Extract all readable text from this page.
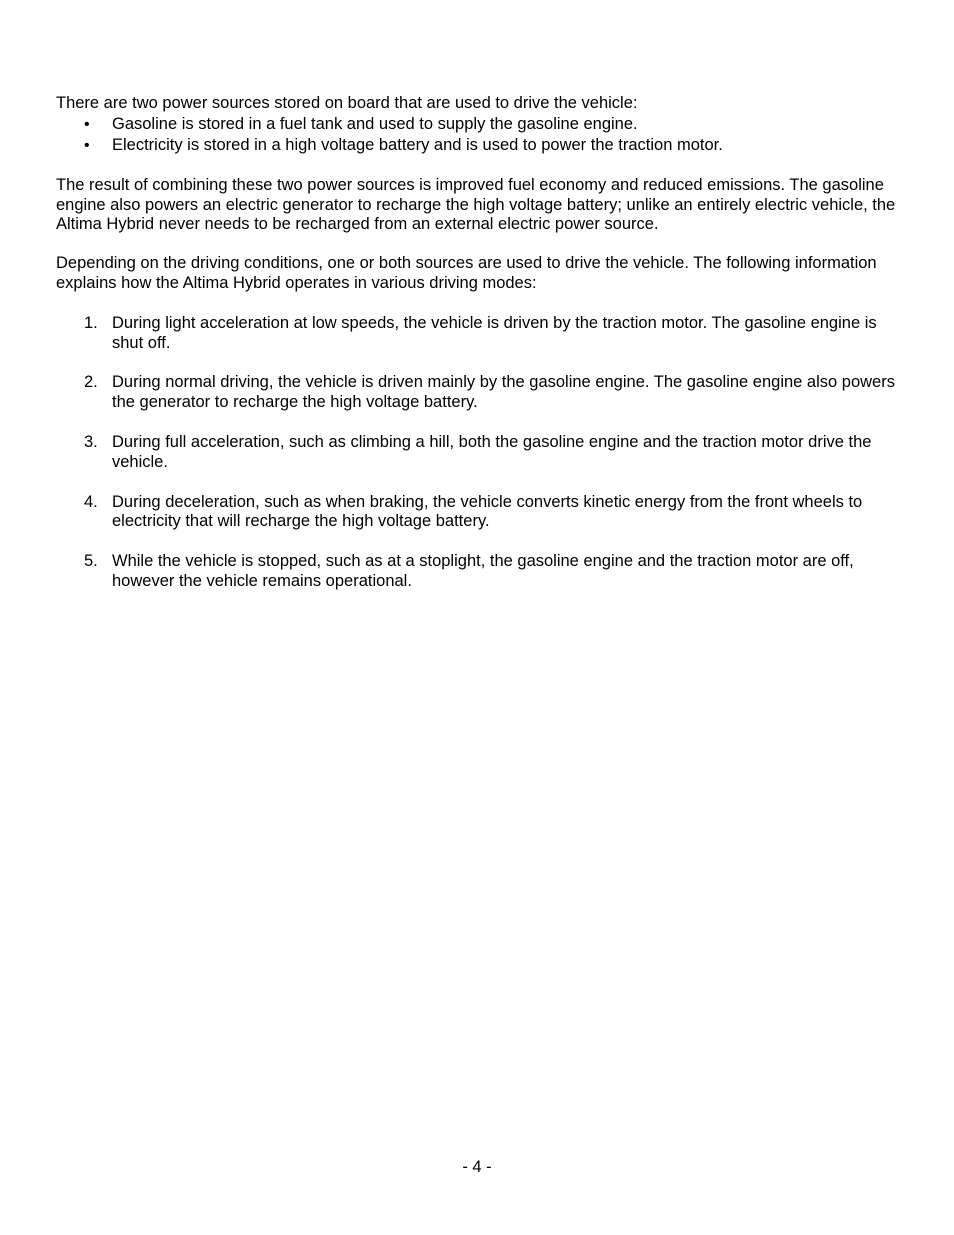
There are two power sources stored on board that are used to drive the vehicle:

• Gasoline is stored in a fuel tank and used to supply the gasoline engine.
• Electricity is stored in a high voltage battery and is used to power the traction motor.

The result of combining these two power sources is improved fuel economy and reduced emissions. The gasoline engine also powers an electric generator to recharge the high voltage battery; unlike an entirely electric vehicle, the Altima Hybrid never needs to be recharged from an external electric power source.

Depending on the driving conditions, one or both sources are used to drive the vehicle. The following information explains how the Altima Hybrid operates in various driving modes:

1. During light acceleration at low speeds, the vehicle is driven by the traction motor. The gasoline engine is shut off.
2. During normal driving, the vehicle is driven mainly by the gasoline engine. The gasoline engine also powers the generator to recharge the high voltage battery.
3. During full acceleration, such as climbing a hill, both the gasoline engine and the traction motor drive the vehicle.
4. During deceleration, such as when braking, the vehicle converts kinetic energy from the front wheels to electricity that will recharge the high voltage battery.
5. While the vehicle is stopped, such as at a stoplight, the gasoline engine and the traction motor are off, however the vehicle remains operational.
- 4 -
